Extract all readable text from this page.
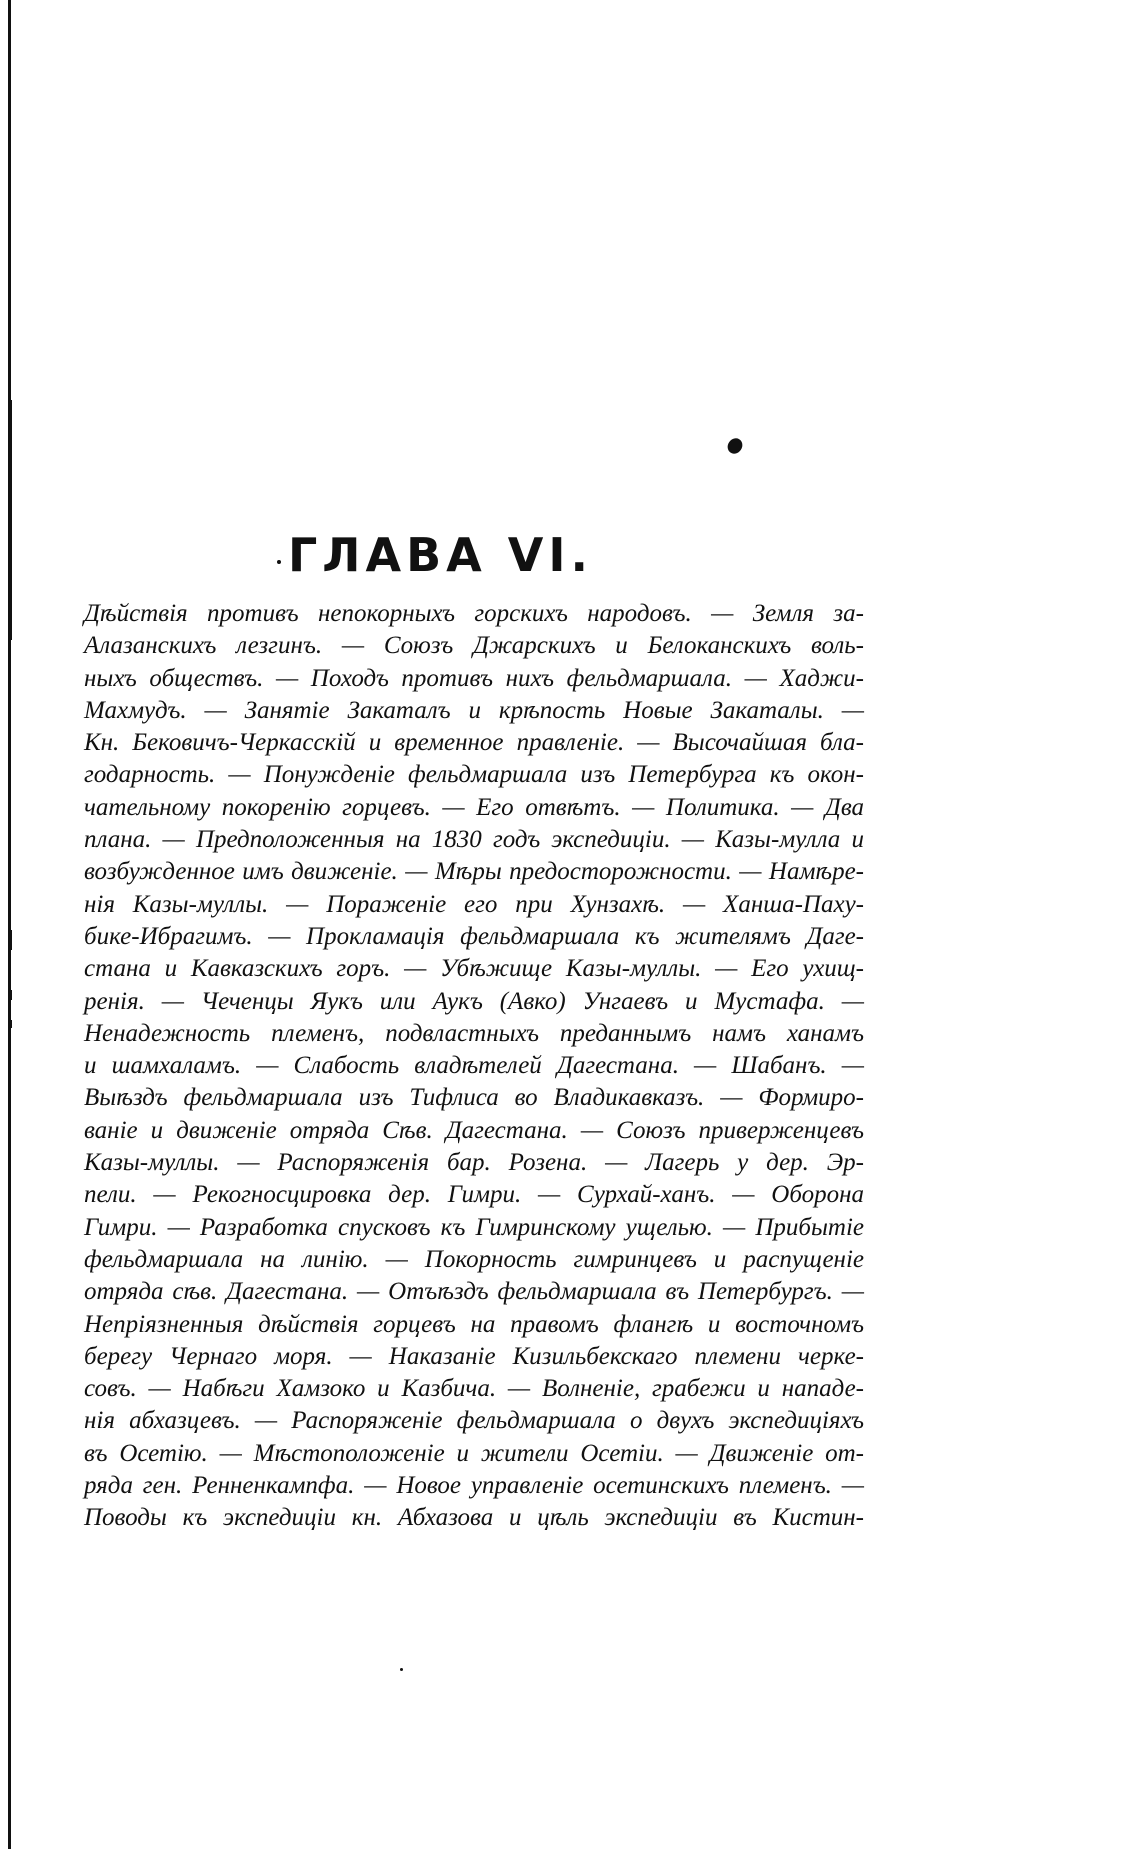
ГЛАВА VI.
Дѣйствія противъ непокорныхъ горскихъ народовъ. — Земля за-
Алазанскихъ лезгинъ. — Союзъ Джарскихъ и Белоканскихъ воль-
ныхъ обществъ. — Походъ противъ нихъ фельдмаршала. — Хаджи-
Махмудъ. — Занятіе Закаталъ и крѣпость Новые Закаталы. —
Кн. Бековичъ-Черкасскій и временное правленіе. — Высочайшая бла-
годарность. — Понужденіе фельдмаршала изъ Петербурга къ окон-
чательному покоренію горцевъ. — Его отвѣтъ. — Политика. — Два
плана. — Предположенныя на 1830 годъ экспедиціи. — Казы-мулла и
возбужденное имъ движеніе. — Мѣры предосторожности. — Намѣре-
нія Казы-муллы. — Пораженіе его при Хунзахѣ. — Ханша-Паху-
бике-Ибрагимъ. — Прокламація фельдмаршала къ жителямъ Даге-
стана и Кавказскихъ горъ. — Убѣжище Казы-муллы. — Его ухищ-
ренія. — Чеченцы Яукъ или Аукъ (Авко) Унгаевъ и Мустафа. —
Ненадежность племенъ, подвластныхъ преданнымъ намъ ханамъ
и шамхаламъ. — Слабость владѣтелей Дагестана. — Шабанъ. —
Выѣздъ фельдмаршала изъ Тифлиса во Владикавказъ. — Формиро-
ваніе и движеніе отряда Сѣв. Дагестана. — Союзъ приверженцевъ
Казы-муллы. — Распоряженія бар. Розена. — Лагерь у дер. Эр-
пели. — Рекогносцировка дер. Гимри. — Сурхай-ханъ. — Оборона
Гимри. — Разработка спусковъ къ Гимринскому ущелью. — Прибытіе
фельдмаршала на линію. — Покорность гимринцевъ и распущеніе
отряда сѣв. Дагестана. — Отъѣздъ фельдмаршала въ Петербургъ. —
Непріязненныя дѣйствія горцевъ на правомъ флангѣ и восточномъ
берегу Чернаго моря. — Наказаніе Кизильбекскаго племени черке-
совъ. — Набѣги Хамзоко и Казбича. — Волненіе, грабежи и нападе-
нія абхазцевъ. — Распоряженіе фельдмаршала о двухъ экспедиціяхъ
въ Осетію. — Мѣстоположеніе и жители Осетіи. — Движеніе от-
ряда ген. Ренненкампфа. — Новое управленіе осетинскихъ племенъ. —
Поводы къ экспедиціи кн. Абхазова и цѣль экспедиціи въ Кистин-
